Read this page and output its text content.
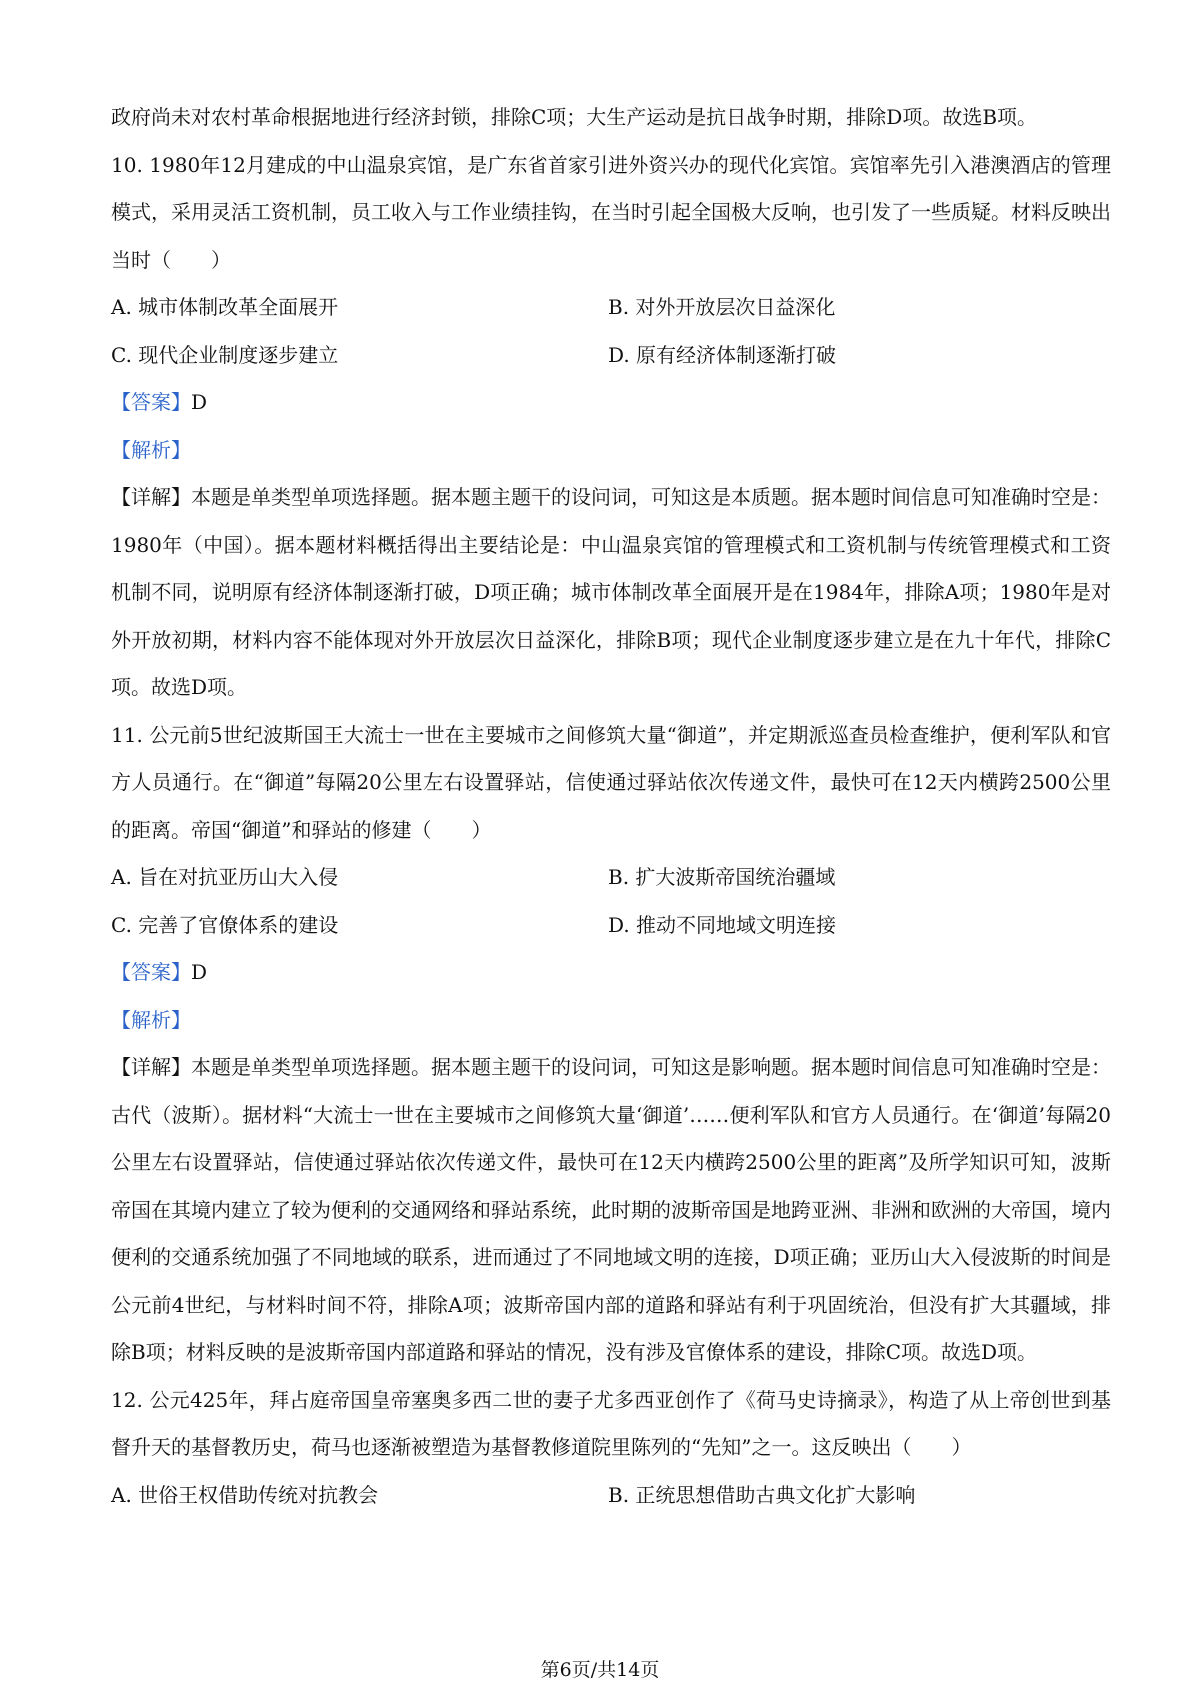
政府尚未对农村革命根据地进行经济封锁，排除C项；大生产运动是抗日战争时期，排除D项。故选B项。

10. 1980年12月建成的中山温泉宾馆，是广东省首家引进外资兴办的现代化宾馆。宾馆率先引入港澳酒店的管理模式，采用灵活工资机制，员工收入与工作业绩挂钩，在当时引起全国极大反响，也引发了一些质疑。材料反映出当时（　　）

A. 城市体制改革全面展开	B. 对外开放层次日益深化
C. 现代企业制度逐步建立	D. 原有经济体制逐渐打破

【答案】D

【解析】

【详解】本题是单类型单项选择题。据本题主题干的设问词，可知这是本质题。据本题时间信息可知准确时空是：1980年（中国）。据本题材料概括得出主要结论是：中山温泉宾馆的管理模式和工资机制与传统管理模式和工资机制不同，说明原有经济体制逐渐打破，D项正确；城市体制改革全面展开是在1984年，排除A项；1980年是对外开放初期，材料内容不能体现对外开放层次日益深化，排除B项；现代企业制度逐步建立是在九十年代，排除C项。故选D项。

11. 公元前5世纪波斯国王大流士一世在主要城市之间修筑大量“御道”，并定期派巡查员检查维护，便利军队和官方人员通行。在“御道”每隔20公里左右设置驿站，信使通过驿站依次传递文件，最快可在12天内横跨2500公里的距离。帝国“御道”和驿站的修建（　　）

A. 旨在对抗亚历山大入侵	B. 扩大波斯帝国统治疆域
C. 完善了官僚体系的建设	D. 推动不同地域文明连接

【答案】D

【解析】

【详解】本题是单类型单项选择题。据本题主题干的设问词，可知这是影响题。据本题时间信息可知准确时空是：古代（波斯）。据材料“大流士一世在主要城市之间修筑大量‘御道’……便利军队和官方人员通行。在‘御道’每隔20公里左右设置驿站，信使通过驿站依次传递文件，最快可在12天内横跨2500公里的距离”及所学知识可知，波斯帝国在其境内建立了较为便利的交通网络和驿站系统，此时期的波斯帝国是地跨亚洲、非洲和欧洲的大帝国，境内便利的交通系统加强了不同地域的联系，进而通过了不同地域文明的连接，D项正确；亚历山大入侵波斯的时间是公元前4世纪，与材料时间不符，排除A项；波斯帝国内部的道路和驿站有利于巩固统治，但没有扩大其疆域，排除B项；材料反映的是波斯帝国内部道路和驿站的情况，没有涉及官僚体系的建设，排除C项。故选D项。

12. 公元425年，拜占庭帝国皇帝塞奥多西二世的妻子尤多西亚创作了《荷马史诗摘录》，构造了从上帝创世到基督升天的基督教历史，荷马也逐渐被塑造为基督教修道院里陈列的“先知”之一。这反映出（　　）

A. 世俗王权借助传统对抗教会	B. 正统思想借助古典文化扩大影响
第6页/共14页
